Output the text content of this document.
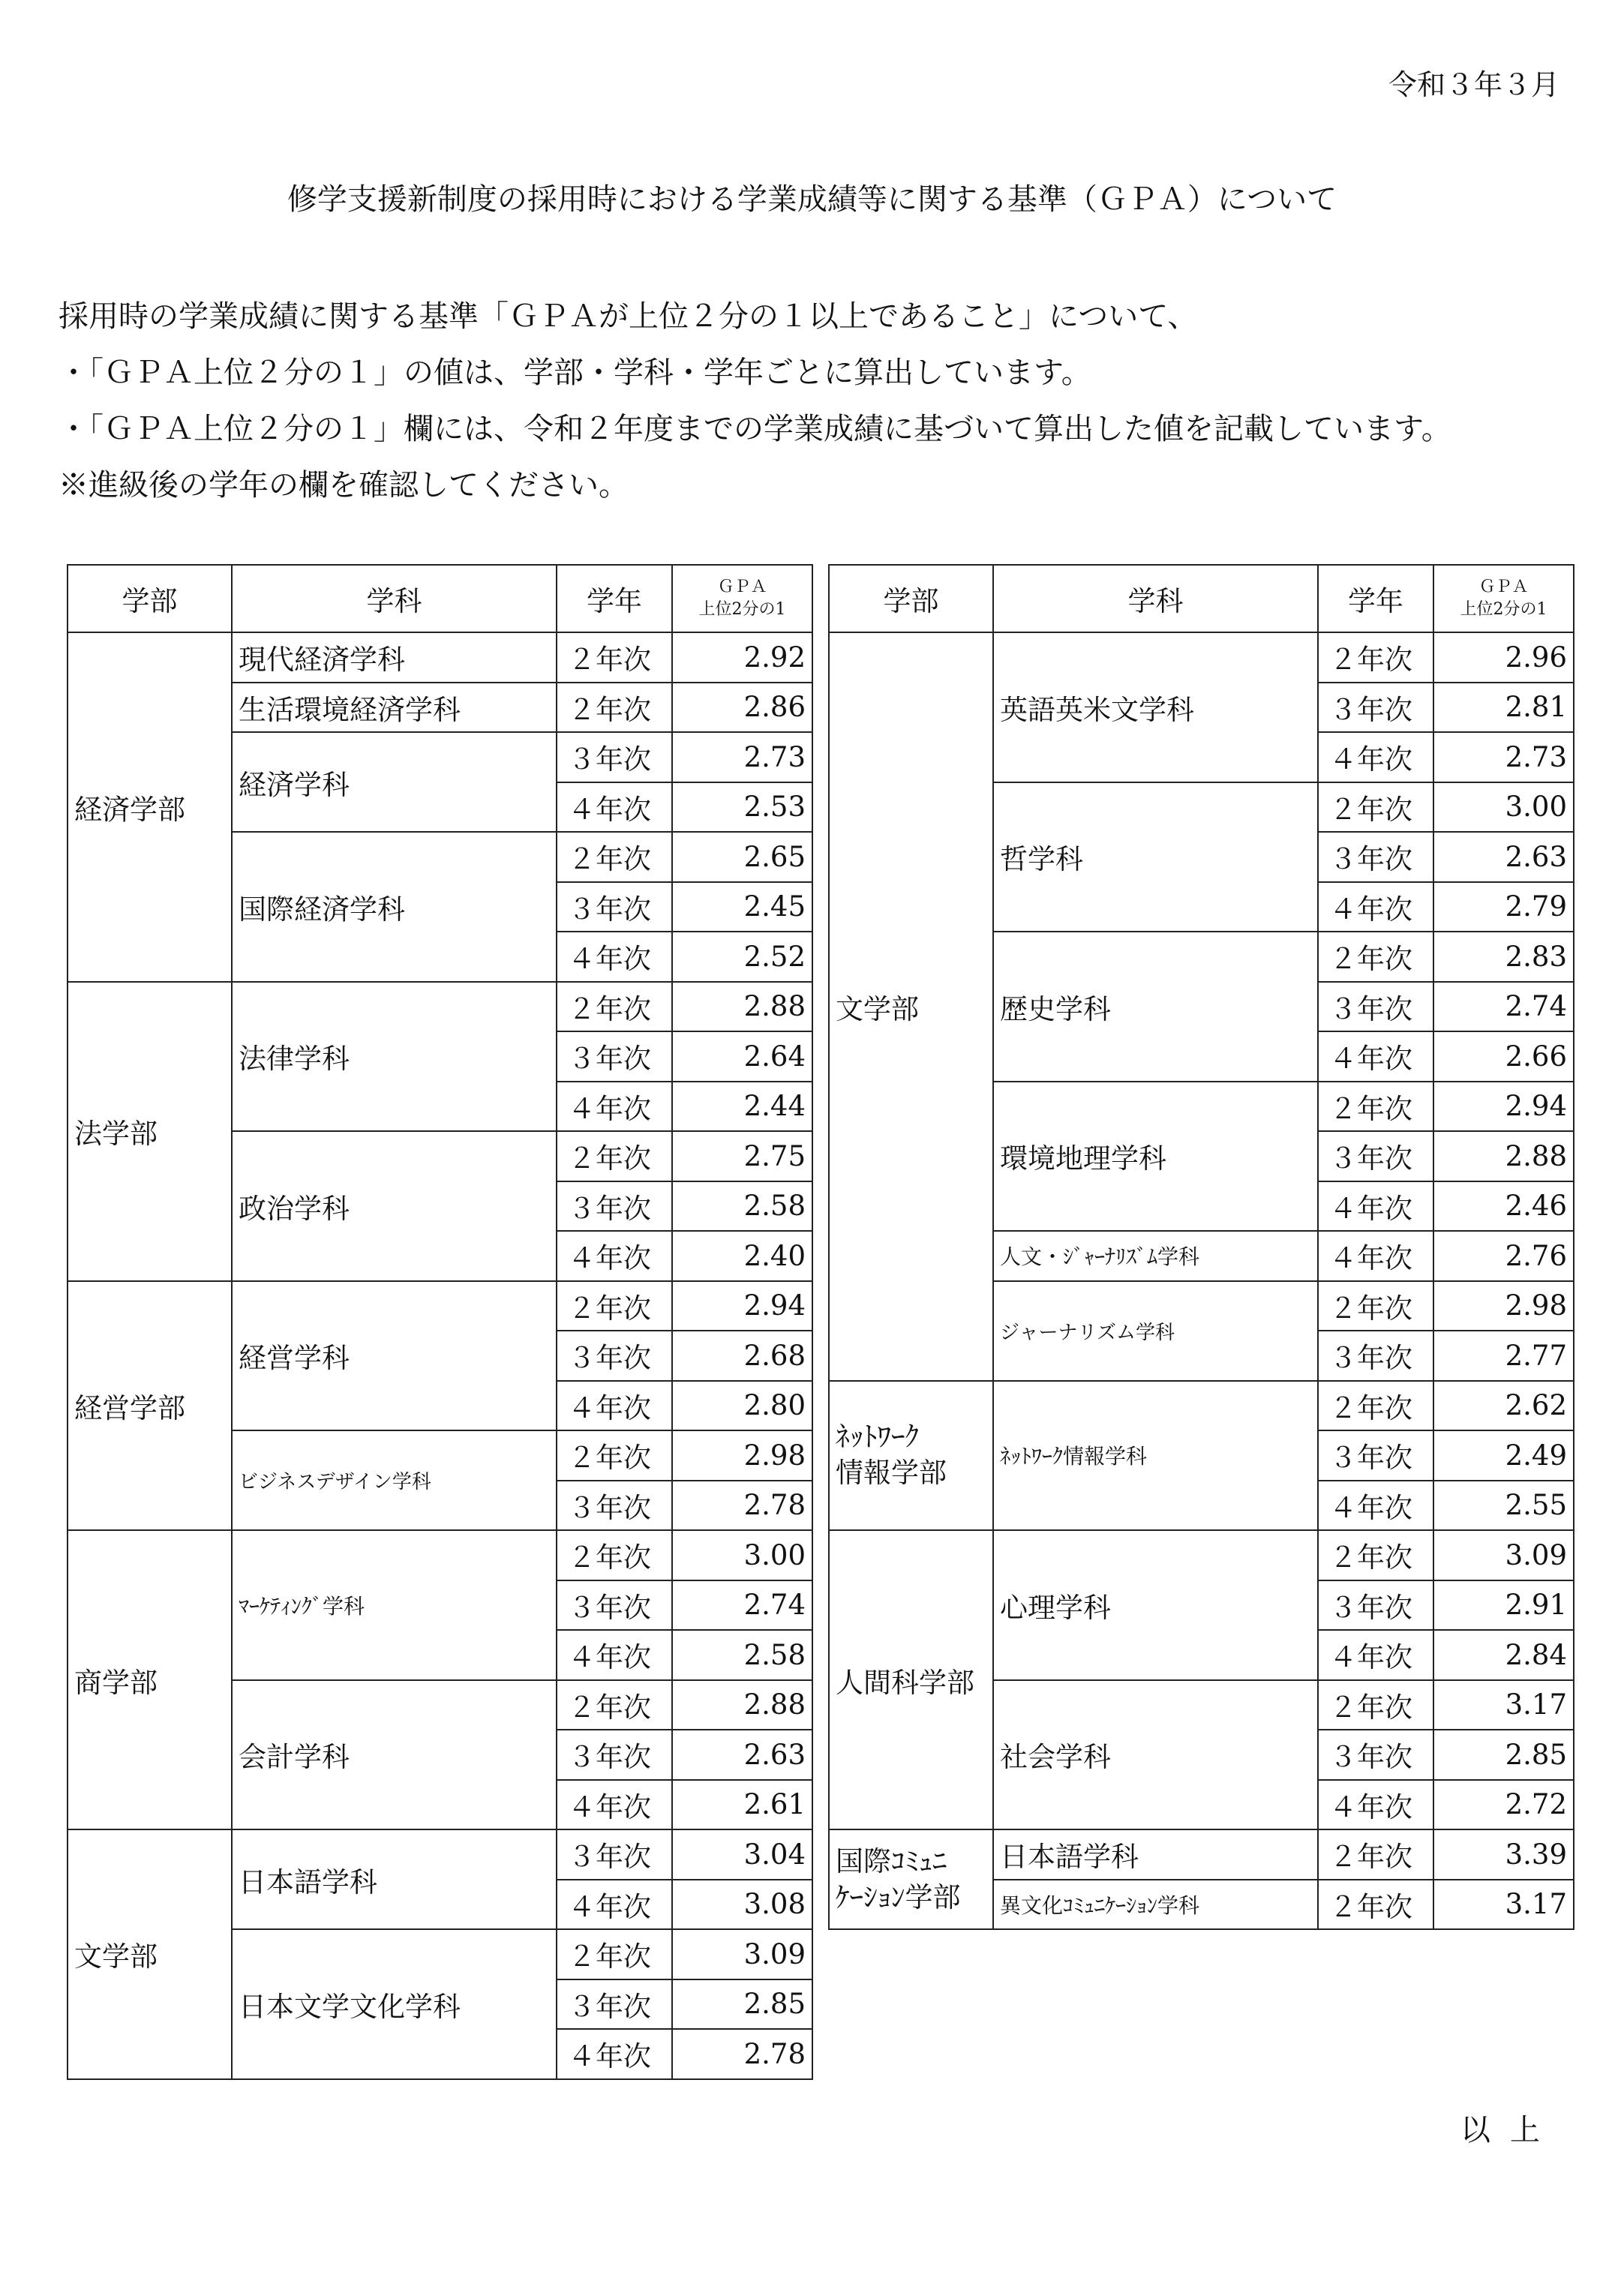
令和３年３月
修学支援新制度の採用時における学業成績等に関する基準（ＧＰＡ）について
採用時の学業成績に関する基準「ＧＰＡが上位２分の１以上であること」について、
・「ＧＰＡ上位２分の１」の値は、学部・学科・学年ごとに算出しています。
・「ＧＰＡ上位２分の１」欄には、令和２年度までの学業成績に基づいて算出した値を記載しています。
※進級後の学年の欄を確認してください。
学部	学科	学年	ＧＰＡ
上位2分の1

経済学部	現代経済学科	２年次	2.92
	生活環境経済学科	２年次	2.86
	経済学科	３年次	2.73
		４年次	2.53
	国際経済学科	２年次	2.65
		３年次	2.45
		４年次	2.52
法学部	法律学科	２年次	2.88
		３年次	2.64
		４年次	2.44
	政治学科	２年次	2.75
		３年次	2.58
		４年次	2.40
経営学部	経営学科	２年次	2.94
		３年次	2.68
		４年次	2.80
	ビジネスデザイン学科	２年次	2.98
		３年次	2.78
商学部	ﾏｰｹﾃｨﾝｸﾞ学科	２年次	3.00
		３年次	2.74
		４年次	2.58
	会計学科	２年次	2.88
		３年次	2.63
		４年次	2.61
文学部	日本語学科	３年次	3.04
		４年次	3.08
	日本文学文化学科	２年次	3.09
		３年次	2.85
		４年次	2.78
学部	学科	学年	ＧＰＡ
上位2分の1

文学部	英語英米文学科	２年次	2.96
		３年次	2.81
		４年次	2.73
	哲学科	２年次	3.00
		３年次	2.63
		４年次	2.79
	歴史学科	２年次	2.83
		３年次	2.74
		４年次	2.66
	環境地理学科	２年次	2.94
		３年次	2.88
		４年次	2.46
	人文・ｼﾞｬｰﾅﾘｽﾞﾑ学科	４年次	2.76
	ジャーナリズム学科	２年次	2.98
		３年次	2.77
ﾈｯﾄﾜｰｸ
情報学部	ﾈｯﾄﾜｰｸ情報学科	２年次	2.62
		３年次	2.49
		４年次	2.55
人間科学部	心理学科	２年次	3.09
		３年次	2.91
		４年次	2.84
	社会学科	２年次	3.17
		３年次	2.85
		４年次	2.72
国際ｺﾐｭﾆ
ｹｰｼｮﾝ学部	日本語学科	２年次	3.39
	異文化ｺﾐｭﾆｹｰｼｮﾝ学科	２年次	3.17
以上
